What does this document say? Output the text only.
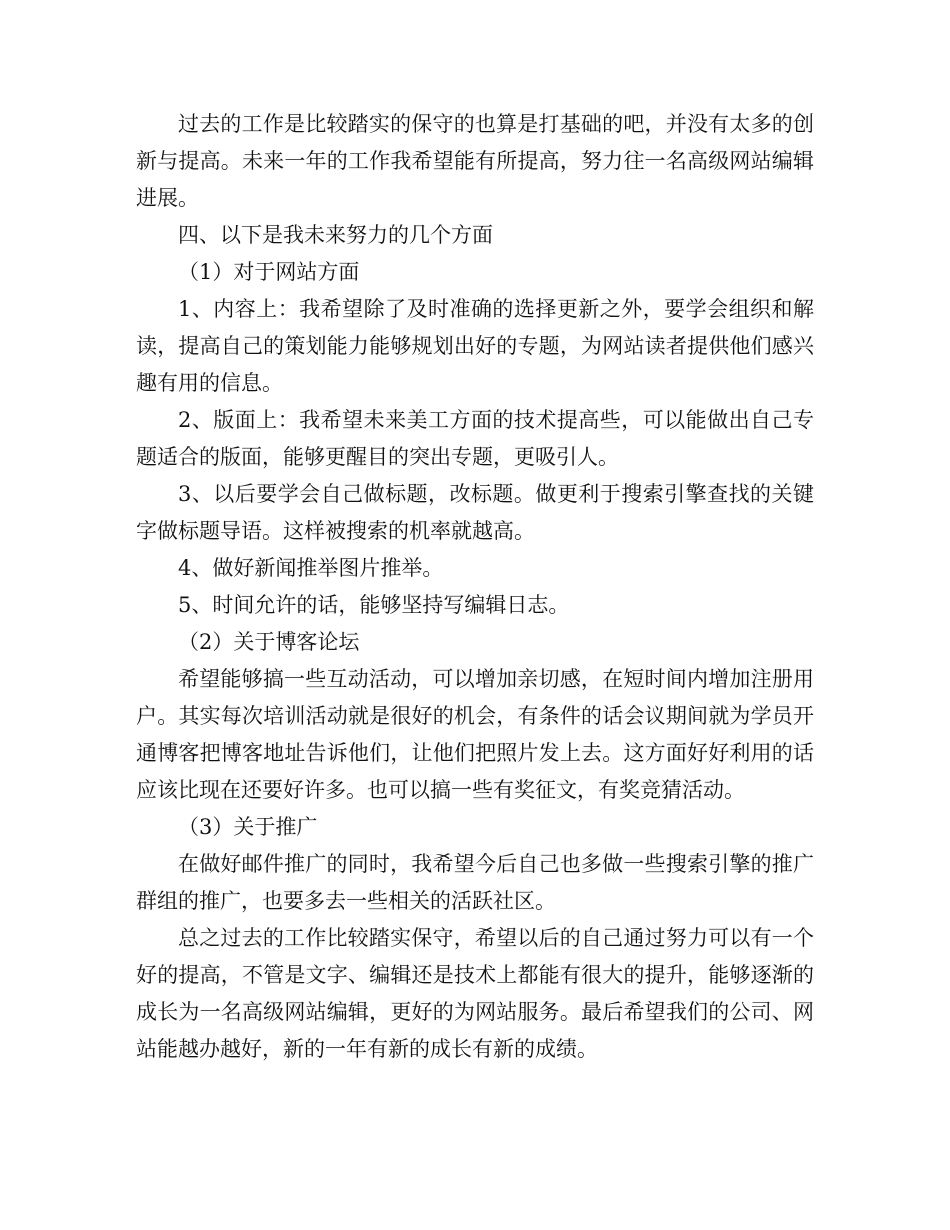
过去的工作是比较踏实的保守的也算是打基础的吧，并没有太多的创新与提高。未来一年的工作我希望能有所提高，努力往一名高级网站编辑进展。

四、以下是我未来努力的几个方面

（1）对于网站方面

1、内容上：我希望除了及时准确的选择更新之外，要学会组织和解读，提高自己的策划能力能够规划出好的专题，为网站读者提供他们感兴趣有用的信息。

2、版面上：我希望未来美工方面的技术提高些，可以能做出自己专题适合的版面，能够更醒目的突出专题，更吸引人。

3、以后要学会自己做标题，改标题。做更利于搜索引擎查找的关键字做标题导语。这样被搜索的机率就越高。

4、做好新闻推举图片推举。

5、时间允许的话，能够坚持写编辑日志。

（2）关于博客论坛

希望能够搞一些互动活动，可以增加亲切感，在短时间内增加注册用户。其实每次培训活动就是很好的机会，有条件的话会议期间就为学员开通博客把博客地址告诉他们，让他们把照片发上去。这方面好好利用的话应该比现在还要好许多。也可以搞一些有奖征文，有奖竞猜活动。

（3）关于推广

在做好邮件推广的同时，我希望今后自己也多做一些搜索引擎的推广群组的推广，也要多去一些相关的活跃社区。

总之过去的工作比较踏实保守，希望以后的自己通过努力可以有一个好的提高，不管是文字、编辑还是技术上都能有很大的提升，能够逐渐的成长为一名高级网站编辑，更好的为网站服务。最后希望我们的公司、网站能越办越好，新的一年有新的成长有新的成绩。
